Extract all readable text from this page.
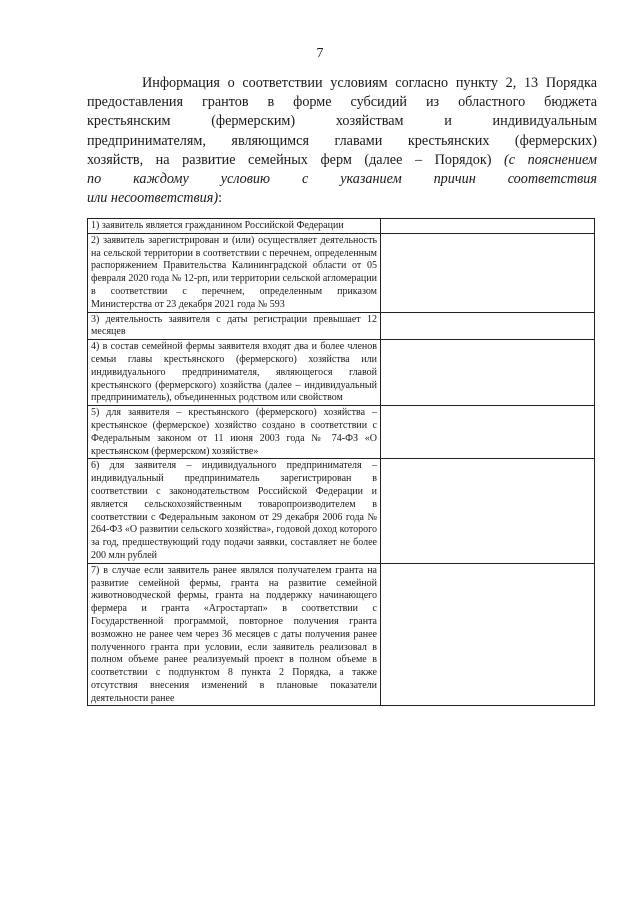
7

Информация о соответствии условиям согласно пункту 2, 13 Порядка

предоставления грантов в форме субсидий из областного бюджета

крестьянским (фермерским) хозяйствам и индивидуальным

предпринимателям, являющимся главами крестьянских (фермерских)

хозяйств, на развитие семейных ферм (далее – Порядок) (с пояснением

по каждому условию с указанием причин соответствия

или несоответствия):

1) заявитель является гражданином Российской Федерации	
2) заявитель зарегистрирован и (или) осуществляет деятельность на сельской территории в соответствии с перечнем, определенным распоряжением Правительства Калининградской области от 05 февраля 2020 года № 12-рп, или территории сельской агломерации в соответствии с перечнем, определенным приказом Министерства от 23 декабря 2021 года № 593	
3) деятельность заявителя с даты регистрации превышает 12 месяцев	
4) в состав семейной фермы заявителя входят два и более членов семьи главы крестьянского (фермерского) хозяйства или индивидуального предпринимателя, являющегося главой крестьянского (фермерского) хозяйства (далее – индивидуальный предприниматель), объединенных родством или свойством	
5) для заявителя – крестьянского (фермерского) хозяйства – крестьянское (фермерское) хозяйство создано в соответствии с Федеральным законом от 11 июня 2003 года № 74-ФЗ «О крестьянском (фермерском) хозяйстве»	
6) для заявителя – индивидуального предпринимателя – индивидуальный предприниматель зарегистрирован в соответствии с законодательством Российской Федерации и является сельскохозяйственным товаропроизводителем в соответствии с Федеральным законом от 29 декабря 2006 года № 264-ФЗ «О развитии сельского хозяйства», годовой доход которого за год, предшествующий году подачи заявки, составляет не более 200 млн рублей	
7) в случае если заявитель ранее являлся получателем гранта на развитие семейной фермы, гранта на развитие семейной животноводческой фермы, гранта на поддержку начинающего фермера и гранта «Агростартап» в соответствии с Государственной программой, повторное получения гранта возможно не ранее чем через 36 месяцев с даты получения ранее полученного гранта при условии, если заявитель реализовал в полном объеме ранее реализуемый проект в полном объеме в соответствии с подпунктом 8 пункта 2 Порядка, а также отсутствия внесения изменений в плановые показатели деятельности ранее	
